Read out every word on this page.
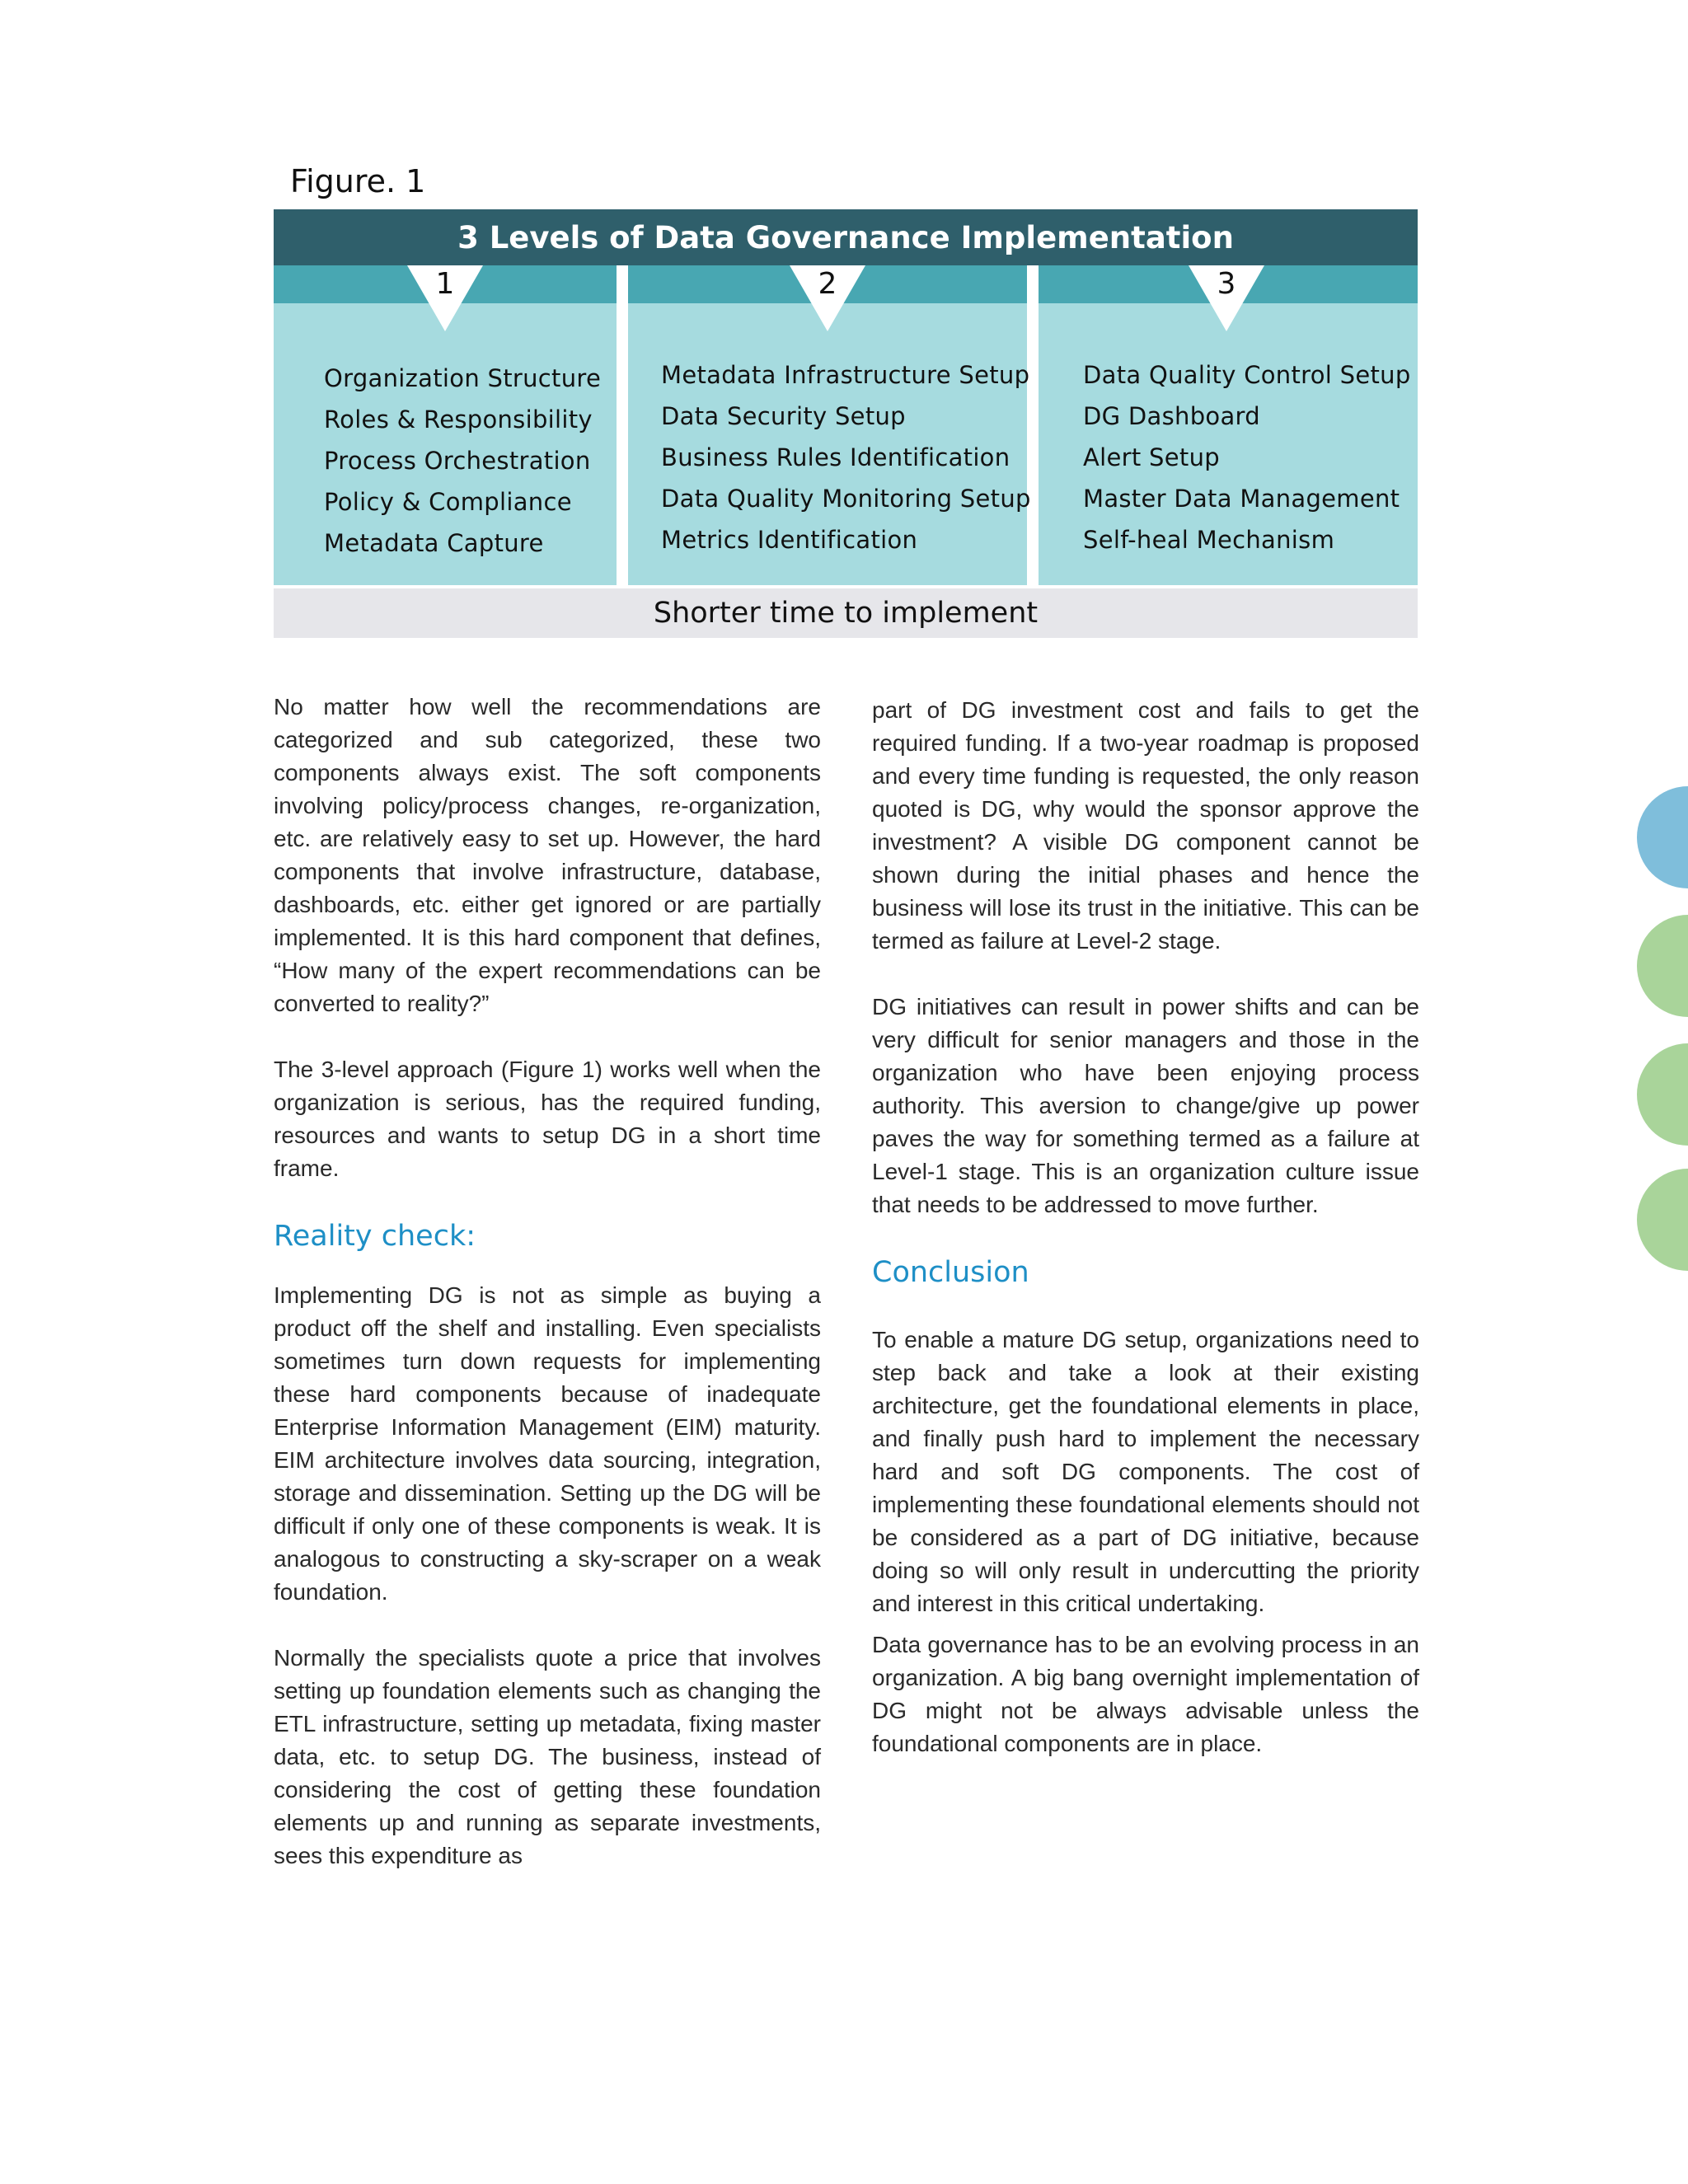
Figure. 1
3 Levels of Data Governance Implementation
1
Organization Structure
Roles & Responsibility
Process Orchestration
Policy & Compliance
Metadata Capture
2
Metadata Infrastructure Setup
Data Security Setup
Business Rules Identification
Data Quality Monitoring Setup
Metrics Identification
3
Data Quality Control Setup
DG Dashboard
Alert Setup
Master Data Management
Self-heal Mechanism
Shorter time to implement

No matter how well the recommendations are categorized and sub categorized, these two components always exist. The soft components involving policy/process changes, re-organization, etc. are relatively easy to set up. However, the hard components that involve infrastructure, database, dashboards, etc. either get ignored or are partially implemented. It is this hard component that defines, “How many of the expert recommendations can be converted to reality?”

The 3-level approach (Figure 1) works well when the organization is serious, has the required funding, resources and wants to setup DG in a short time frame.

Reality check:

Implementing DG is not as simple as buying a product off the shelf and installing. Even specialists sometimes turn down requests for implementing these hard components because of inadequate Enterprise Information Management (EIM) maturity. EIM architecture involves data sourcing, integration, storage and dissemination. Setting up the DG will be difficult if only one of these components is weak. It is analogous to constructing a sky-scraper on a weak foundation.

Normally the specialists quote a price that involves setting up foundation elements such as changing the ETL infrastructure, setting up metadata, fixing master data, etc. to setup DG. The business, instead of considering the cost of getting these foundation elements up and running as separate investments, sees this expenditure as

part of DG investment cost and fails to get the required funding. If a two-year roadmap is proposed and every time funding is requested, the only reason quoted is DG, why would the sponsor approve the investment? A visible DG component cannot be shown during the initial phases and hence the business will lose its trust in the initiative. This can be termed as failure at Level-2 stage.

DG initiatives can result in power shifts and can be very difficult for senior managers and those in the organization who have been enjoying process authority. This aversion to change/give up power paves the way for something termed as a failure at Level-1 stage. This is an organization culture issue that needs to be addressed to move further.

Conclusion

To enable a mature DG setup, organizations need to step back and take a look at their existing architecture, get the foundational elements in place, and finally push hard to implement the necessary hard and soft DG components. The cost of implementing these foundational elements should not be considered as a part of DG initiative, because doing so will only result in undercutting the priority and interest in this critical undertaking.

Data governance has to be an evolving process in an organization. A big bang overnight implementation of DG might not be always advisable unless the foundational components are in place.
